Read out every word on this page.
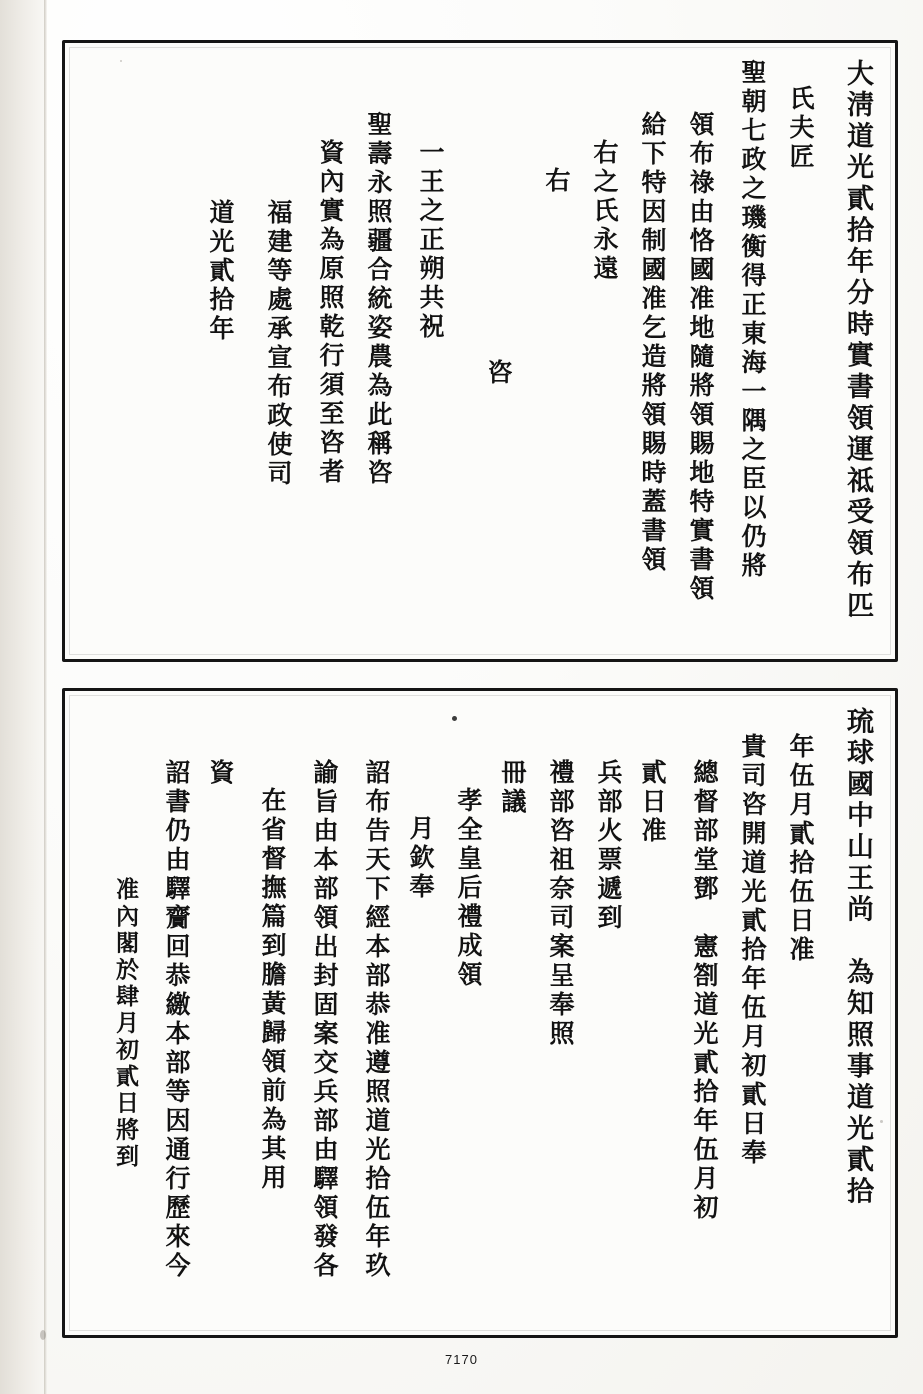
大淸道光貳拾年分時實書領運祗受領布匹
氏夫匠
聖朝七政之璣衡得正東海一隅之臣以仍將
領布祿由恪國准地隨將領賜地特實書領
給下特因制國准乞造將領賜時蓋書領
右之氏永遠
右
咨
一王之正朔共祝
聖壽永照疆合統姿農為此稱咨
資內實為原照乾行須至咨者
福建等處承宣布政使司
道光貳拾年
琉球國中山王尚　為知照事道光貳拾
年伍月貳拾伍日准
貴司咨開道光貳拾年伍月初貳日奉
總督部堂鄧　憲劄道光貳拾年伍月初
貳日准
兵部火票遞到
禮部咨祖奈司案呈奉照
冊議
孝全皇后禮成領
月欽奉
詔布告天下經本部恭准遵照道光拾伍年玖
諭旨由本部領出封固案交兵部由驛領發各
在省督撫篇到膽黃歸領前為其用
資
詔書仍由驛齎回恭繳本部等因通行歷來今
准內閣於肆月初貳日將到
7170
